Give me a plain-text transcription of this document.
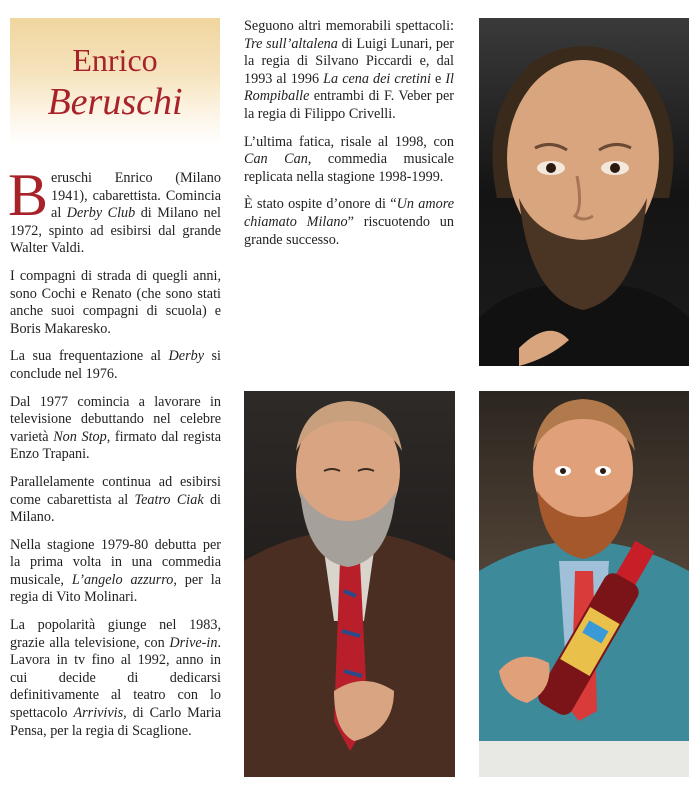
Enrico
Beruschi

Beruschi Enrico (Milano 1941), cabarettista. Comincia al Derby Club di Milano nel 1972, spinto ad esibirsi dal grande Walter Valdi.

I compagni di strada di quegli anni, sono Cochi e Renato (che sono stati anche suoi compagni di scuola) e Boris Makaresko.

La sua frequentazione al Derby si conclude nel 1976.

Dal 1977 comincia a lavorare in televisione debuttando nel celebre varietà Non Stop, firmato dal regista Enzo Trapani.

Parallelamente continua ad esibirsi come cabarettista al Teatro Ciak di Milano.

Nella stagione 1979-80 debutta per la prima volta in una commedia musicale, L’angelo azzurro, per la regia di Vito Molinari.

La popolarità giunge nel 1983, grazie alla televisione, con Drive-in. Lavora in tv fino al 1992, anno in cui decide di dedicarsi definitivamente al teatro con lo spettacolo Arrivivis, di Carlo Maria Pensa, per la regia di Scaglione.

Seguono altri memorabili spettacoli: Tre sull’altalena di Luigi Lunari, per la regia di Silvano Piccardi e, dal 1993 al 1996 La cena dei cretini e Il Rompiballe entrambi di F. Veber per la regia di Filippo Crivelli.

L’ultima fatica, risale al 1998, con Can Can, commedia musicale replicata nella stagione 1998-1999.

È stato ospite d’onore di “Un amore chiamato Milano” riscuotendo un grande successo.
